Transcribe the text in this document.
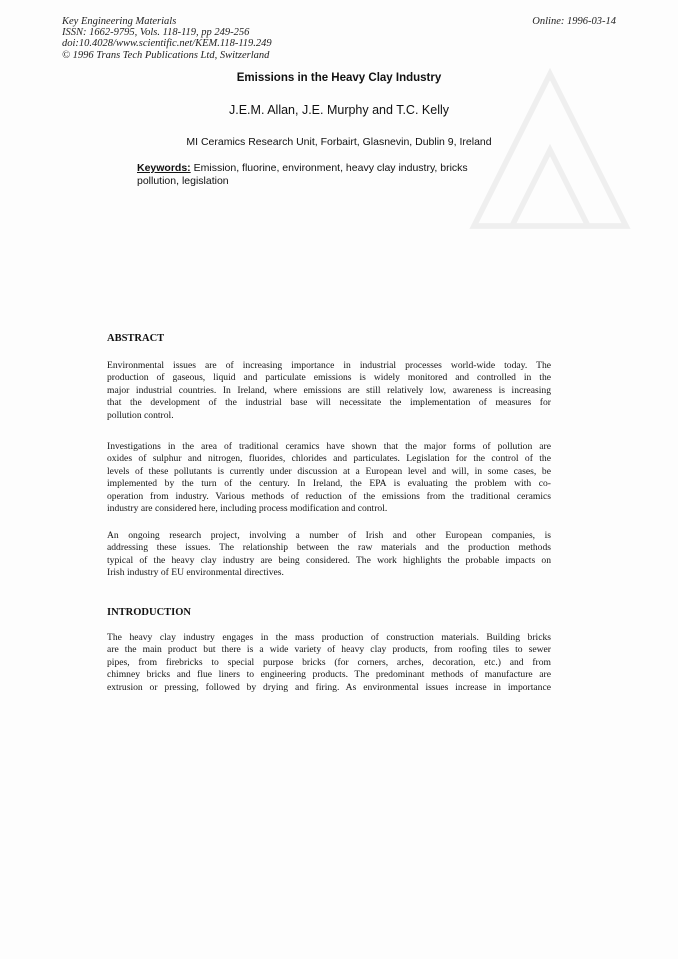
Key Engineering Materials
ISSN: 1662-9795, Vols. 118-119, pp 249-256
doi:10.4028/www.scientific.net/KEM.118-119.249
© 1996 Trans Tech Publications Ltd, Switzerland
Online: 1996-03-14
Emissions in the Heavy Clay Industry
J.E.M. Allan, J.E. Murphy and T.C. Kelly
MI Ceramics Research Unit, Forbairt, Glasnevin, Dublin 9, Ireland
Keywords: Emission, fluorine, environment, heavy clay industry, bricks
pollution, legislation
ABSTRACT
Environmental issues are of increasing importance in industrial processes world-wide today. The
production of gaseous, liquid and particulate emissions is widely monitored and controlled in the
major industrial countries. In Ireland, where emissions are still relatively low, awareness is increasing
that the development of the industrial base will necessitate the implementation of measures for
pollution control.
Investigations in the area of traditional ceramics have shown that the major forms of pollution are
oxides of sulphur and nitrogen, fluorides, chlorides and particulates. Legislation for the control of the
levels of these pollutants is currently under discussion at a European level and will, in some cases, be
implemented by the turn of the century. In Ireland, the EPA is evaluating the problem with co-
operation from industry. Various methods of reduction of the emissions from the traditional ceramics
industry are considered here, including process modification and control.
An ongoing research project, involving a number of Irish and other European companies, is
addressing these issues. The relationship between the raw materials and the production methods
typical of the heavy clay industry are being considered. The work highlights the probable impacts on
Irish industry of EU environmental directives.
INTRODUCTION
The heavy clay industry engages in the mass production of construction materials. Building bricks
are the main product but there is a wide variety of heavy clay products, from roofing tiles to sewer
pipes, from firebricks to special purpose bricks (for corners, arches, decoration, etc.) and from
chimney bricks and flue liners to engineering products. The predominant methods of manufacture are
extrusion or pressing, followed by drying and firing. As environmental issues increase in importance
